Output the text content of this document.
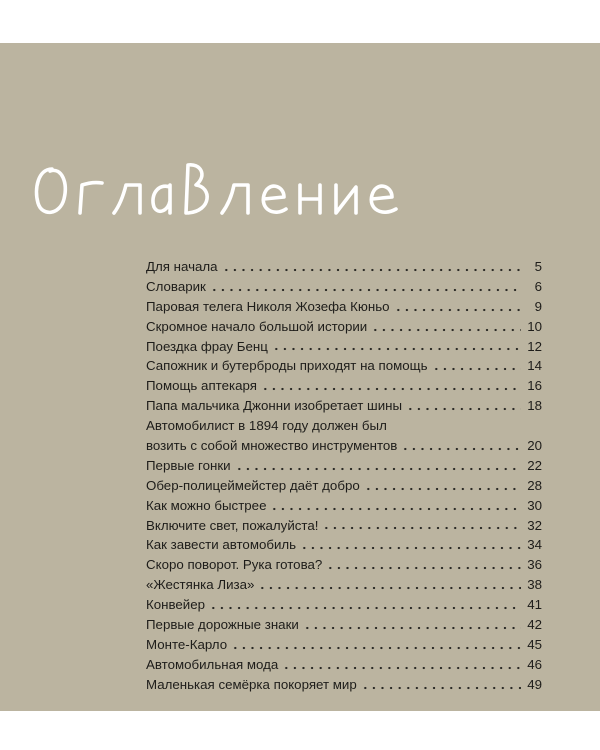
Для начала	5
Словарик	6
Паровая телега Николя Жозефа Кюньо	9
Скромное начало большой истории	10
Поездка фрау Бенц	12
Сапожник и бутерброды приходят на помощь	14
Помощь аптекаря	16
Папа мальчика Джонни изобретает шины	18
Автомобилист в 1894 году должен был
возить с собой множество инструментов	20
Первые гонки	22
Обер-полицеймейстер даёт добро	28
Как можно быстрее	30
Включите свет, пожалуйста!	32
Как завести автомобиль	34
Скоро поворот. Рука готова?	36
«Жестянка Лиза»	38
Конвейер	41
Первые дорожные знаки	42
Монте-Карло	45
Автомобильная мода	46
Маленькая семёрка покоряет мир	49
